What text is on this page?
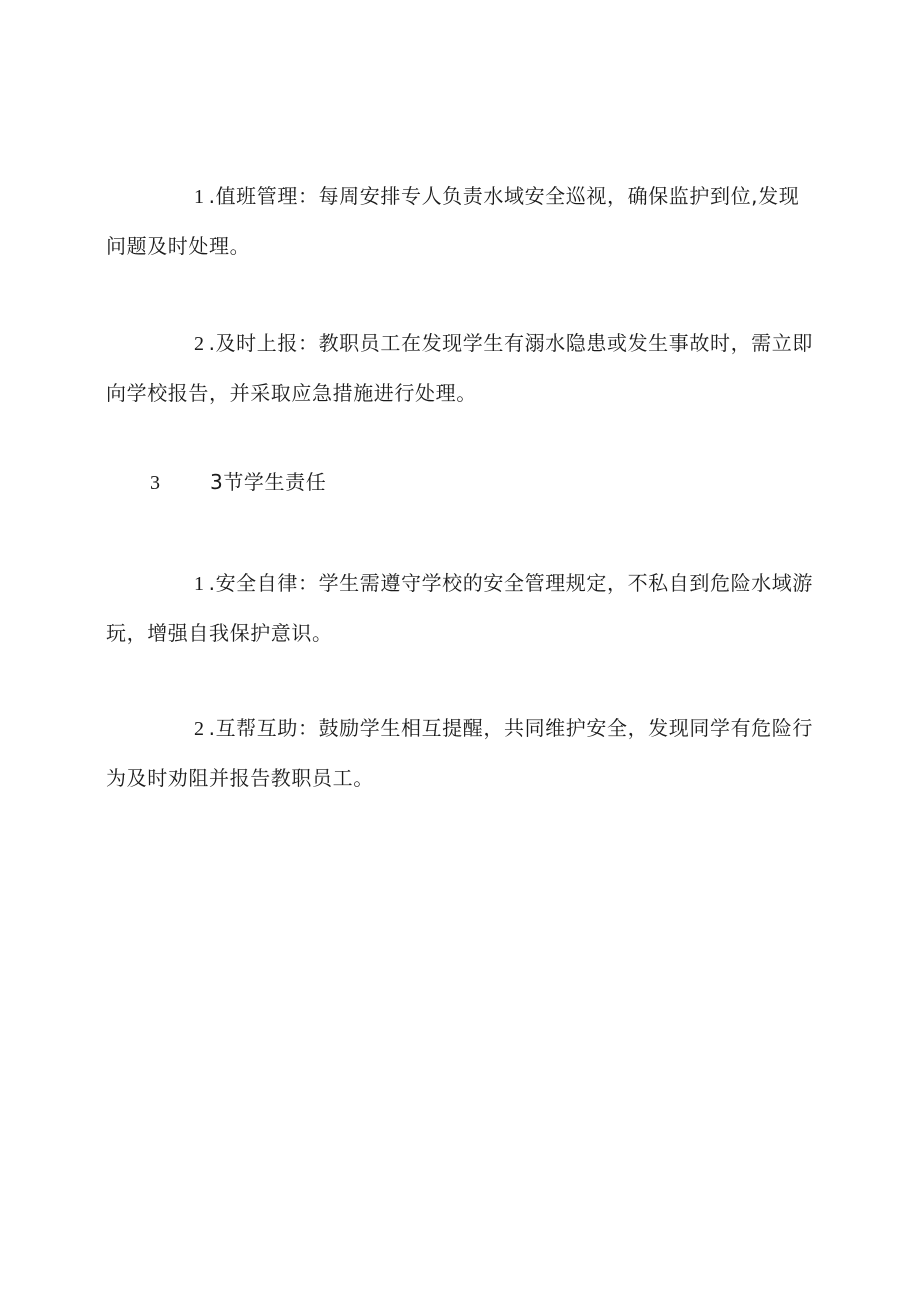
1 .值班管理：每周安排专人负责水域安全巡视，确保监护到位,发现问题及时处理。
2 .及时上报：教职员工在发现学生有溺水隐患或发生事故时，需立即向学校报告，并采取应急措施进行处理。
3 3节学生责任
1 .安全自律：学生需遵守学校的安全管理规定，不私自到危险水域游玩，增强自我保护意识。
2 .互帮互助：鼓励学生相互提醒，共同维护安全，发现同学有危险行为及时劝阻并报告教职员工。
